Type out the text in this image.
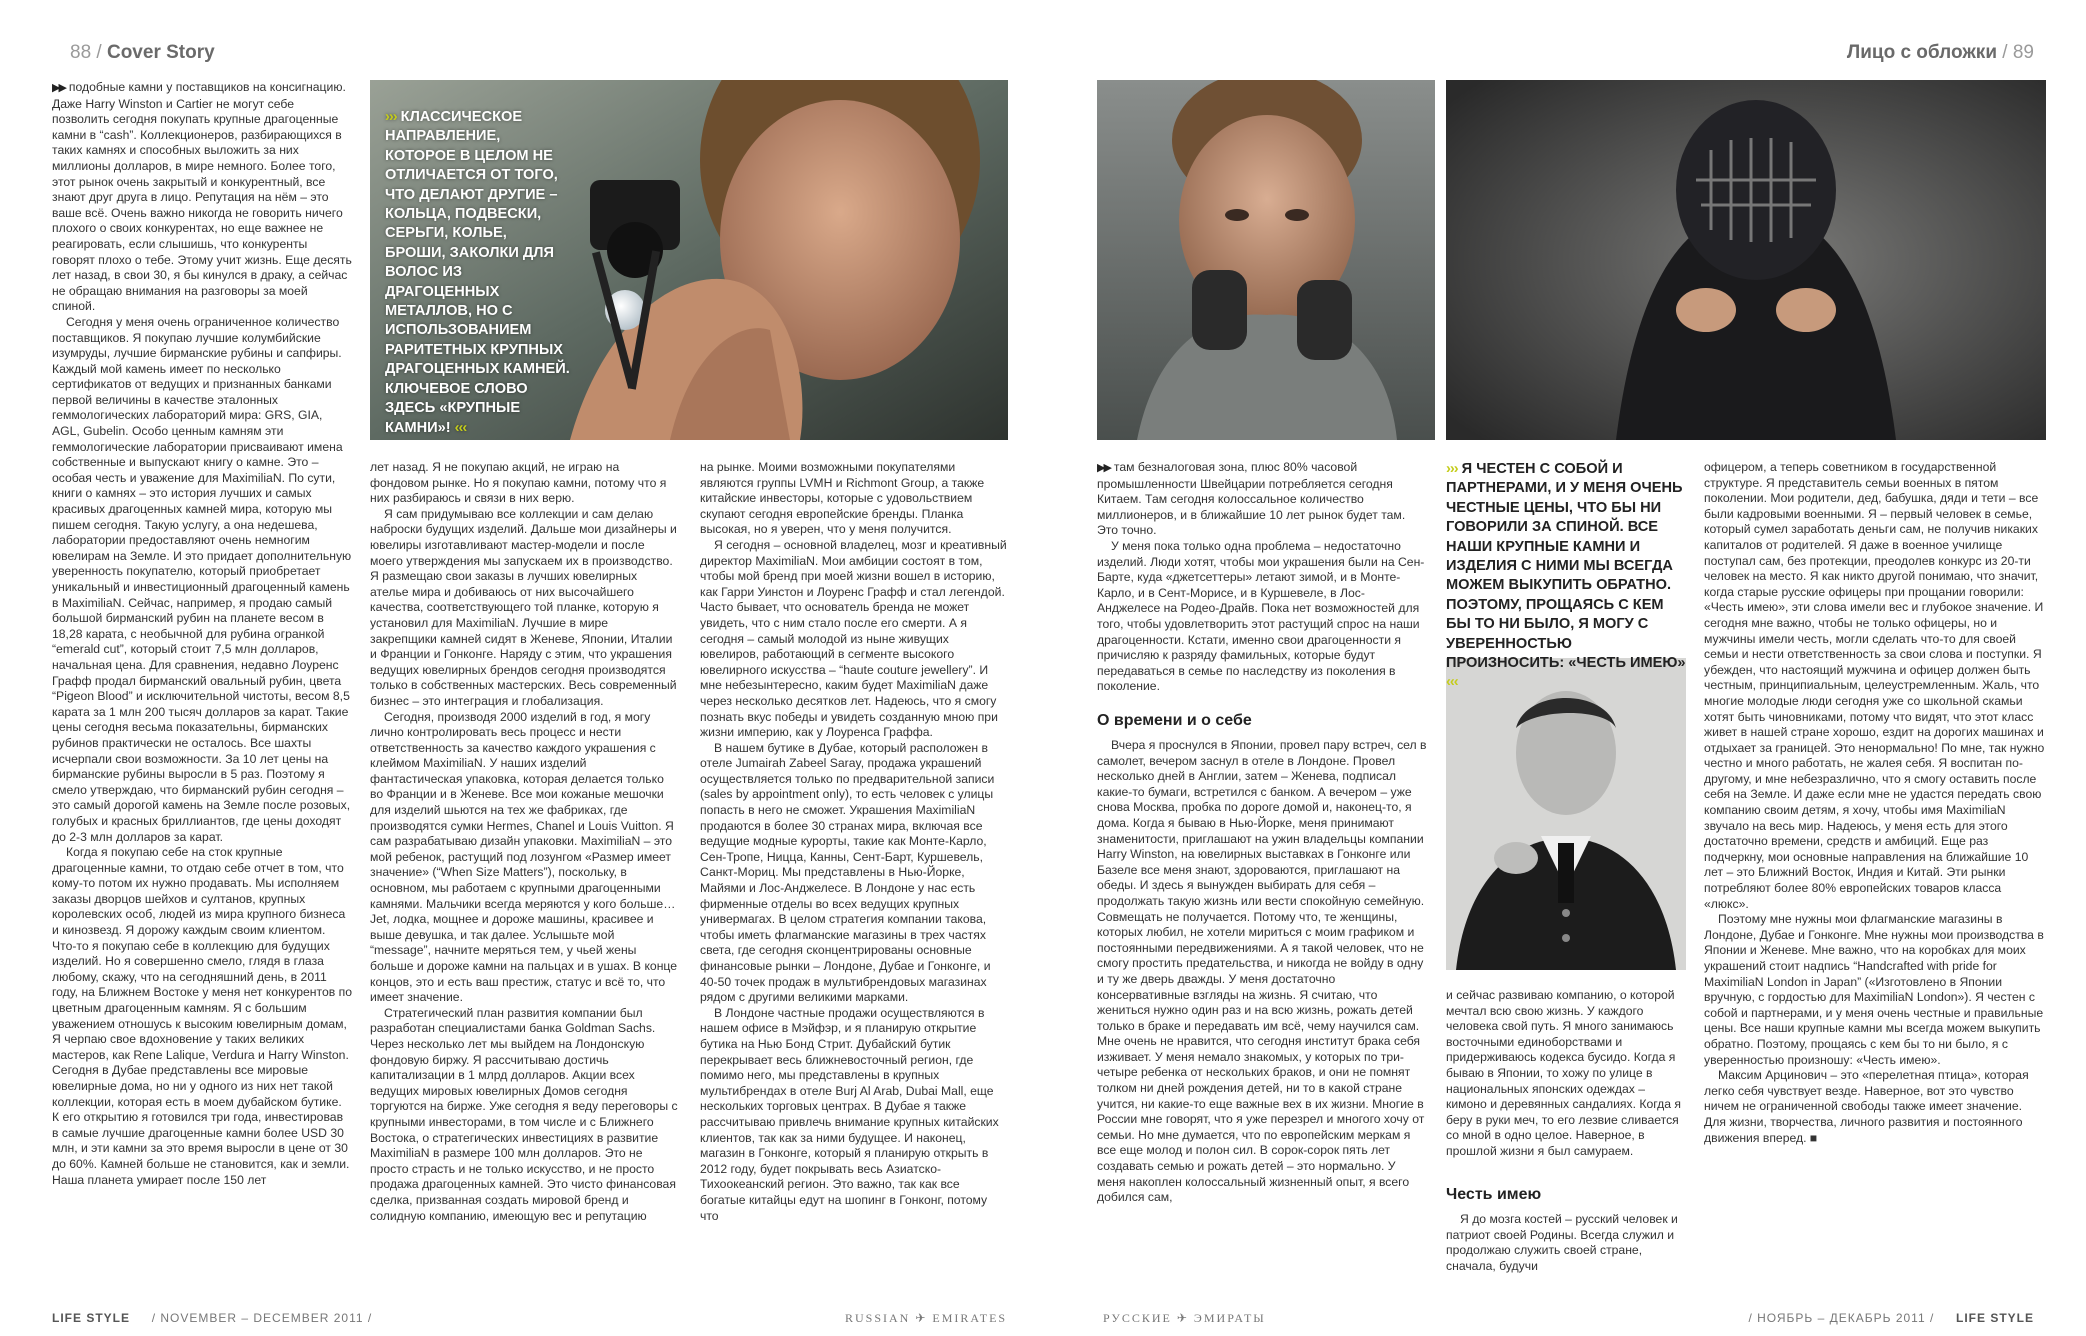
88 / Cover Story	Лицо с обложки / 89
››› КЛАССИЧЕСКОЕ НАПРАВЛЕНИЕ, КОТОРОЕ В ЦЕЛОМ НЕ ОТЛИЧАЕТСЯ ОТ ТОГО, ЧТО ДЕЛАЮТ ДРУГИЕ – КОЛЬЦА, ПОДВЕСКИ, СЕРЬГИ, КОЛЬЕ, БРОШИ, ЗАКОЛКИ ДЛЯ ВОЛОС ИЗ ДРАГОЦЕННЫХ МЕТАЛЛОВ, НО С ИСПОЛЬЗОВАНИЕМ РАРИТЕТНЫХ КРУПНЫХ ДРАГОЦЕННЫХ КАМНЕЙ. КЛЮЧЕВОЕ СЛОВО ЗДЕСЬ «КРУПНЫЕ КАМНИ»! ‹‹‹
››› Я ЧЕСТЕН С СОБОЙ И ПАРТНЕРАМИ, И У МЕНЯ ОЧЕНЬ ЧЕСТНЫЕ ЦЕНЫ, ЧТО БЫ НИ ГОВОРИЛИ ЗА СПИНОЙ. ВСЕ НАШИ КРУПНЫЕ КАМНИ И ИЗДЕЛИЯ С НИМИ МЫ ВСЕГДА МОЖЕМ ВЫКУПИТЬ ОБРАТНО. ПОЭТОМУ, ПРОЩАЯСЬ С КЕМ БЫ ТО НИ БЫЛО, Я МОГУ С УВЕРЕННОСТЬЮ ПРОИЗНОСИТЬ: «ЧЕСТЬ ИМЕЮ» ‹‹‹

▶▶ подобные камни у поставщиков на консигнацию. Даже Harry Winston и Cartier не могут себе позволить сегодня покупать крупные драгоценные камни в “cash”. Коллекционеров, разбирающихся в таких камнях и способных выложить за них миллионы долларов, в мире немного. Более того, этот рынок очень закрытый и конкурентный, все знают друг друга в лицо. Репутация на нём – это ваше всё. Очень важно никогда не говорить ничего плохого о своих конкурентах, но еще важнее не реагировать, если слышишь, что конкуренты говорят плохо о тебе. Этому учит жизнь. Еще десять лет назад, в свои 30, я бы кинулся в драку, а сейчас не обращаю внимания на разговоры за моей спиной.

Сегодня у меня очень ограниченное количество поставщиков. Я покупаю лучшие колумбийские изумруды, лучшие бирманские рубины и сапфиры. Каждый мой камень имеет по несколько сертификатов от ведущих и признанных банками первой величины в качестве эталонных геммологических лабораторий мира: GRS, GIA, AGL, Gubelin. Особо ценным камням эти геммологические лаборатории присваивают имена собственные и выпускают книгу о камне. Это – особая честь и уважение для MaximiliaN. По сути, книги о камнях – это история лучших и самых красивых драгоценных камней мира, которую мы пишем сегодня. Такую услугу, а она недешева, лаборатории предоставляют очень немногим ювелирам на Земле. И это придает дополнительную уверенность покупателю, который приобретает уникальный и инвестиционный драгоценный камень в MaximiliaN. Сейчас, например, я продаю самый большой бирманский рубин на планете весом в 18,28 карата, с необычной для рубина огранкой “emerald cut”, который стоит 7,5 млн долларов, начальная цена. Для сравнения, недавно Лоуренс Графф продал бирманский овальный рубин, цвета “Pigeon Blood” и исключительной чистоты, весом 8,5 карата за 1 млн 200 тысяч долларов за карат. Такие цены сегодня весьма показательны, бирманских рубинов практически не осталось. Все шахты исчерпали свои возможности. За 10 лет цены на бирманские рубины выросли в 5 раз. Поэтому я смело утверждаю, что бирманский рубин сегодня – это самый дорогой камень на Земле после розовых, голубых и красных бриллиантов, где цены доходят до 2-3 млн долларов за карат.

Когда я покупаю себе на сток крупные драгоценные камни, то отдаю себе отчет в том, что кому-то потом их нужно продавать. Мы исполняем заказы дворцов шейхов и султанов, крупных королевских особ, людей из мира крупного бизнеса и кинозвезд. Я дорожу каждым своим клиентом. Что-то я покупаю себе в коллекцию для будущих изделий. Но я совершенно смело, глядя в глаза любому, скажу, что на сегодняшний день, в 2011 году, на Ближнем Востоке у меня нет конкурентов по цветным драгоценным камням. Я с большим уважением отношусь к высоким ювелирным домам, Я черпаю свое вдохновение у таких великих мастеров, как Rene Lalique, Verdura и Harry Winston. Сегодня в Дубае представлены все мировые ювелирные дома, но ни у одного из них нет такой коллекции, которая есть в моем дубайском бутике. К его открытию я готовился три года, инвестировав в самые лучшие драгоценные камни более USD 30 млн, и эти камни за это время выросли в цене от 30 до 60%. Камней больше не становится, как и земли. Наша планета умирает после 150 лет

лет назад. Я не покупаю акций, не играю на фондовом рынке. Но я покупаю камни, потому что я них разбираюсь и связи в них верю.

Я сам придумываю все коллекции и сам делаю наброски будущих изделий. Дальше мои дизайнеры и ювелиры изготавливают мастер-модели и после моего утверждения мы запускаем их в производство. Я размещаю свои заказы в лучших ювелирных ателье мира и добиваюсь от них высочайшего качества, соответствующего той планке, которую я установил для MaximiliaN. Лучшие в мире закрепщики камней сидят в Женеве, Японии, Италии и Франции и Гонконге. Наряду с этим, что украшения ведущих ювелирных брендов сегодня производятся только в собственных мастерских. Весь современный бизнес – это интеграция и глобализация.

Сегодня, производя 2000 изделий в год, я могу лично контролировать весь процесс и нести ответственность за качество каждого украшения с клеймом MaximiliaN. У наших изделий фантастическая упаковка, которая делается только во Франции и в Женеве. Все мои кожаные мешочки для изделий шьются на тех же фабриках, где производятся сумки Hermes, Chanel и Louis Vuitton. Я сам разрабатываю дизайн упаковки. MaximiliaN – это мой ребенок, растущий под лозунгом «Размер имеет значение» (“When Size Matters”), поскольку, в основном, мы работаем с крупными драгоценными камнями. Мальчики всегда меряются у кого больше… Jet, лодка, мощнее и дороже машины, красивее и выше девушка, и так далее. Услышьте мой “message”, начните меряться тем, у чьей жены больше и дороже камни на пальцах и в ушах. В конце концов, это и есть ваш престиж, статус и всё то, что имеет значение.

Стратегический план развития компании был разработан специалистами банка Goldman Sachs. Через несколько лет мы выйдем на Лондонскую фондовую биржу. Я рассчитываю достичь капитализации в 1 млрд долларов. Акции всех ведущих мировых ювелирных Домов сегодня торгуются на бирже. Уже сегодня я веду переговоры с крупными инвесторами, в том числе и с Ближнего Востока, о стратегических инвестициях в развитие MaximiliaN в размере 100 млн долларов. Это не просто страсть и не только искусство, и не просто продажа драгоценных камней. Это чисто финансовая сделка, призванная создать мировой бренд и солидную компанию, имеющую вес и репутацию

на рынке. Моими возможными покупателями являются группы LVMH и Richmont Group, а также китайские инвесторы, которые с удовольствием скупают сегодня европейские бренды. Планка высокая, но я уверен, что у меня получится.

Я сегодня – основной владелец, мозг и креативный директор MaximiliaN. Мои амбиции состоят в том, чтобы мой бренд при моей жизни вошел в историю, как Гарри Уинстон и Лоуренс Графф и стал легендой. Часто бывает, что основатель бренда не может увидеть, что с ним стало после его смерти. А я сегодня – самый молодой из ныне живущих ювелиров, работающий в сегменте высокого ювелирного искусства – “haute couture jewellery”. И мне небезынтересно, каким будет MaximiliaN даже через несколько десятков лет. Надеюсь, что я смогу познать вкус победы и увидеть созданную мною при жизни империю, как у Лоуренса Граффа.

В нашем бутике в Дубае, который расположен в отеле Jumairah Zabeel Saray, продажа украшений осуществляется только по предварительной записи (sales by appointment only), то есть человек с улицы попасть в него не сможет. Украшения MaximiliaN продаются в более 30 странах мира, включая все ведущие модные курорты, такие как Монте-Карло, Сен-Тропе, Ницца, Канны, Сент-Барт, Куршевель, Санкт-Мориц. Мы представлены в Нью-Йорке, Майями и Лос-Анджелесе. В Лондоне у нас есть фирменные отделы во всех ведущих крупных универмагах. В целом стратегия компании такова, чтобы иметь флагманские магазины в трех частях света, где сегодня сконцентрированы основные финансовые рынки – Лондоне, Дубае и Гонконге, и 40-50 точек продаж в мультибрендовых магазинах рядом с другими великими марками.

В Лондоне частные продажи осуществляются в нашем офисе в Мэйфэр, и я планирую открытие бутика на Нью Бонд Стрит. Дубайский бутик перекрывает весь ближневосточный регион, где помимо него, мы представлены в крупных мультибрендах в отеле Burj Al Arab, Dubai Mall, еще нескольких торговых центрах. В Дубае я также рассчитываю привлечь внимание крупных китайских клиентов, так как за ними будущее. И наконец, магазин в Гонконге, который я планирую открыть в 2012 году, будет покрывать весь Азиатско-Тихоокеанский регион. Это важно, так как все богатые китайцы едут на шопинг в Гонконг, потому что

▶▶ там безналоговая зона, плюс 80% часовой промышленности Швейцарии потребляется сегодня Китаем. Там сегодня колоссальное количество миллионеров, и в ближайшие 10 лет рынок будет там. Это точно.

У меня пока только одна проблема – недостаточно изделий. Люди хотят, чтобы мои украшения были на Сен-Барте, куда «джетсеттеры» летают зимой, и в Монте-Карло, и в Сент-Морисе, и в Куршевеле, в Лос-Анджелесе на Родео-Драйв. Пока нет возможностей для того, чтобы удовлетворить этот растущий спрос на наши драгоценности. Кстати, именно свои драгоценности я причисляю к разряду фамильных, которые будут передаваться в семье по наследству из поколения в поколение.

О времени и о себе

Вчера я проснулся в Японии, провел пару встреч, сел в самолет, вечером заснул в отеле в Лондоне. Провел несколько дней в Англии, затем – Женева, подписал какие-то бумаги, встретился с банком. А вечером – уже снова Москва, пробка по дороге домой и, наконец-то, я дома. Когда я бываю в Нью-Йорке, меня принимают знаменитости, приглашают на ужин владельцы компании Harry Winston, на ювелирных выставках в Гонконге или Базеле все меня знают, здороваются, приглашают на обеды. И здесь я вынужден выбирать для себя – продолжать такую жизнь или вести спокойную семейную. Совмещать не получается. Потому что, те женщины, которых любил, не хотели мириться с моим графиком и постоянными передвижениями. А я такой человек, что не смогу простить предательства, и никогда не войду в одну и ту же дверь дважды. У меня достаточно консервативные взгляды на жизнь. Я считаю, что жениться нужно один раз и на всю жизнь, рожать детей только в браке и передавать им всё, чему научился сам. Мне очень не нравится, что сегодня институт брака себя изживает. У меня немало знакомых, у которых по три-четыре ребенка от нескольких браков, и они не помнят толком ни дней рождения детей, ни то в какой стране учится, ни какие-то еще важные вех в их жизни. Многие в России мне говорят, что я уже перезрел и многого хочу от семьи. Но мне думается, что по европейским меркам я все еще молод и полон сил. В сорок-сорок пять лет создавать семью и рожать детей – это нормально. У меня накоплен колоссальный жизненный опыт, я всего добился сам,

и сейчас развиваю компанию, о которой мечтал всю свою жизнь. У каждого человека свой путь. Я много занимаюсь восточными единоборствами и придерживаюсь кодекса бусидо. Когда я бываю в Японии, то хожу по улице в национальных японских одеждах – кимоно и деревянных сандалиях. Когда я беру в руки меч, то его лезвие сливается со мной в одно целое. Наверное, в прошлой жизни я был самураем.

Честь имею

Я до мозга костей – русский человек и патриот своей Родины. Всегда служил и продолжаю служить своей стране, сначала, будучи

офицером, а теперь советником в государственной структуре. Я представитель семьи военных в пятом поколении. Мои родители, дед, бабушка, дяди и тети – все были кадровыми военными. Я – первый человек в семье, который сумел заработать деньги сам, не получив никаких капиталов от родителей. Я даже в военное училище поступал сам, без протекции, преодолев конкурс из 20-ти человек на место. Я как никто другой понимаю, что значит, когда старые русские офицеры при прощании говорили: «Честь имею», эти слова имели вес и глубокое значение. И сегодня мне важно, чтобы не только офицеры, но и мужчины имели честь, могли сделать что-то для своей семьи и нести ответственность за свои слова и поступки. Я убежден, что настоящий мужчина и офицер должен быть честным, принципиальным, целеустремленным. Жаль, что многие молодые люди сегодня уже со школьной скамьи хотят быть чиновниками, потому что видят, что этот класс живет в нашей стране хорошо, ездит на дорогих машинах и отдыхает за границей. Это ненормально! По мне, так нужно честно и много работать, не жалея себя. Я воспитан по-другому, и мне небезразлично, что я смогу оставить после себя на Земле. И даже если мне не удастся передать свою компанию своим детям, я хочу, чтобы имя MaximiliaN звучало на весь мир. Надеюсь, у меня есть для этого достаточно времени, средств и амбиций. Еще раз подчеркну, мои основные направления на ближайшие 10 лет – это Ближний Восток, Индия и Китай. Эти рынки потребляют более 80% европейских товаров класса «люкс».

Поэтому мне нужны мои флагманские магазины в Лондоне, Дубае и Гонконге. Мне нужны мои производства в Японии и Женеве. Мне важно, что на коробках для моих украшений стоит надпись “Handcrafted with pride for MaximiliaN London in Japan” («Изготовлено в Японии вручную, с гордостью для MaximiliaN London»). Я честен с собой и партнерами, и у меня очень честные и правильные цены. Все наши крупные камни мы всегда можем выкупить обратно. Поэтому, прощаясь с кем бы то ни было, я с уверенностью произношу: «Честь имею».

Максим Арцинович – это «перелетная птица», которая легко себя чувствует везде. Наверное, вот это чувство ничем не ограниченной свободы также имеет значение. Для жизни, творчества, личного развития и постоянного движения вперед. ■

LIFE STYLE / NOVEMBER – DECEMBER 2011 /	RUSSIAN ✈ EMIRATES	РУССКИЕ ✈ ЭМИРАТЫ	/ НОЯБРЬ – ДЕКАБРЬ 2011 / LIFE STYLE
